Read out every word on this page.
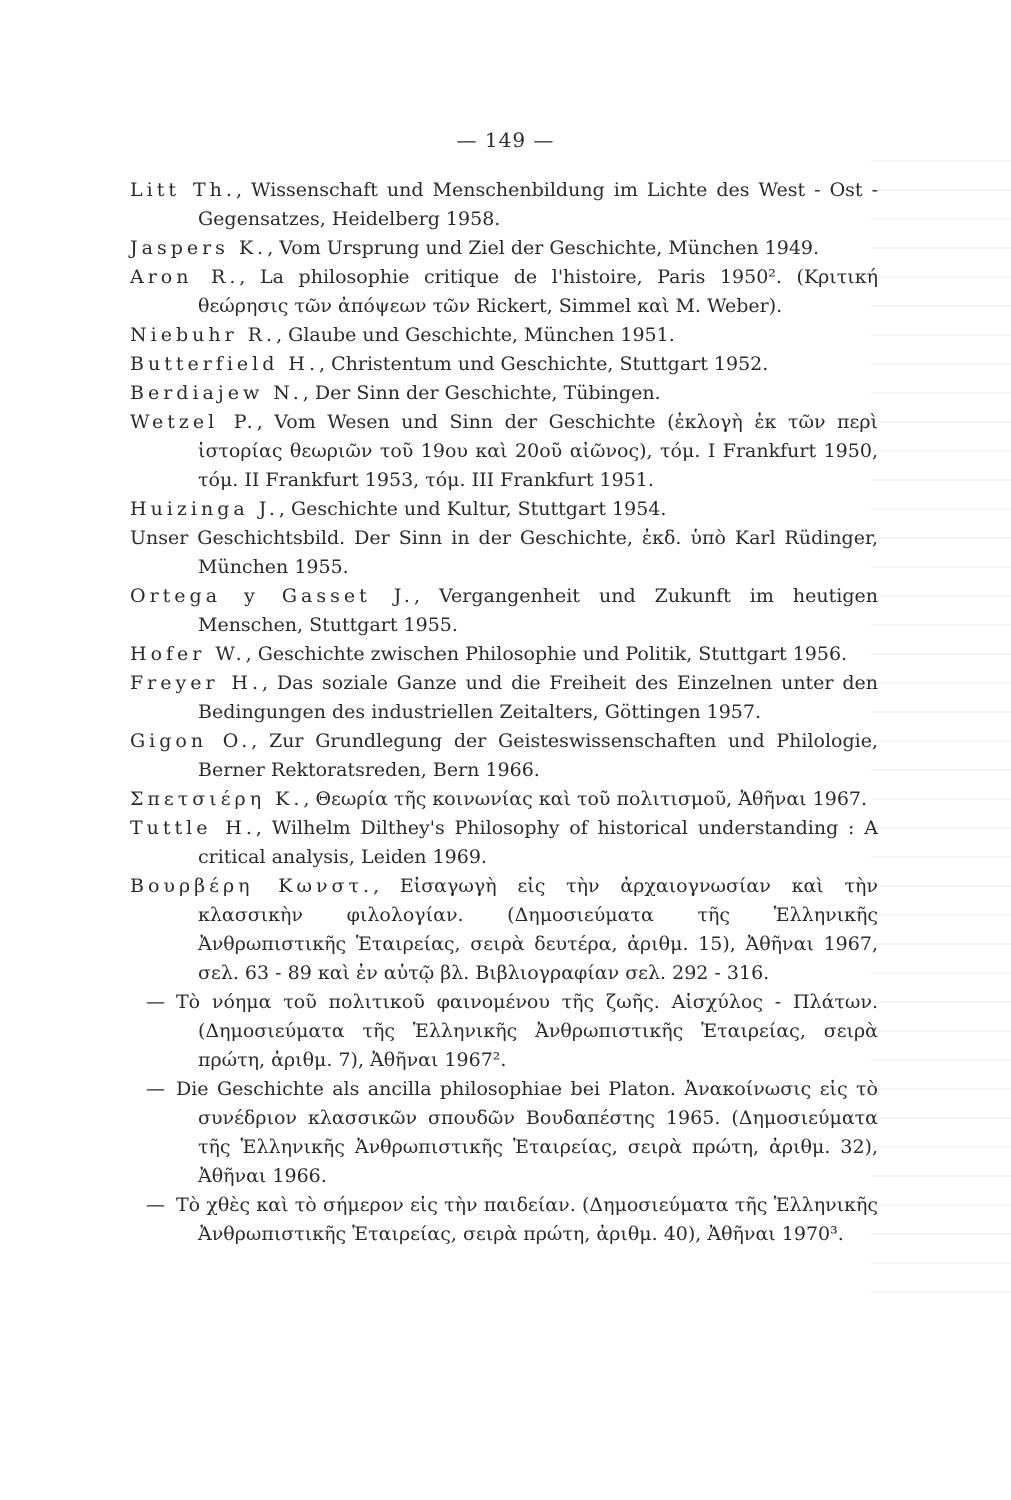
— 149 —

Litt Th., Wissenschaft und Menschenbildung im Lichte des West - Ost - Gegensatzes, Heidelberg 1958.

Jaspers K., Vom Ursprung und Ziel der Geschichte, München 1949.

Aron R., La philosophie critique de l'histoire, Paris 1950². (Κριτική θεώρησις τῶν ἀπόψεων τῶν Rickert, Simmel καὶ M. Weber).

Niebuhr R., Glaube und Geschichte, München 1951.

Butterfield H., Christentum und Geschichte, Stuttgart 1952.

Berdiajew N., Der Sinn der Geschichte, Tübingen.

Wetzel P., Vom Wesen und Sinn der Geschichte (ἐκλογὴ ἐκ τῶν περὶ ἱστορίας θεωριῶν τοῦ 19ου καὶ 20οῦ αἰῶνος), τόμ. I Frankfurt 1950, τόμ. II Frankfurt 1953, τόμ. III Frankfurt 1951.

Huizinga J., Geschichte und Kultur, Stuttgart 1954.

Unser Geschichtsbild. Der Sinn in der Geschichte, ἐκδ. ὑπὸ Karl Rüdinger, München 1955.

Ortega y Gasset J., Vergangenheit und Zukunft im heutigen Menschen, Stuttgart 1955.

Hofer W., Geschichte zwischen Philosophie und Politik, Stuttgart 1956.

Freyer H., Das soziale Ganze und die Freiheit des Einzelnen unter den Bedingungen des industriellen Zeitalters, Göttingen 1957.

Gigon O., Zur Grundlegung der Geisteswissenschaften und Philologie, Berner Rektoratsreden, Bern 1966.

Σπετσιέρη Κ., Θεωρία τῆς κοινωνίας καὶ τοῦ πολιτισμοῦ, Ἀθῆναι 1967.

Tuttle H., Wilhelm Dilthey's Philosophy of historical understanding : A critical analysis, Leiden 1969.

Βουρβέρη Κωνστ., Εἰσαγωγὴ εἰς τὴν ἀρχαιογνωσίαν καὶ τὴν κλασσικὴν φιλολογίαν. (Δημοσιεύματα τῆς Ἑλληνικῆς Ἀνθρωπιστικῆς Ἑταιρείας, σειρὰ δευτέρα, ἀριθμ. 15), Ἀθῆναι 1967, σελ. 63 - 89 καὶ ἐν αὐτῷ βλ. Βιβλιογραφίαν σελ. 292 - 316.

— Τὸ νόημα τοῦ πολιτικοῦ φαινομένου τῆς ζωῆς. Αἰσχύλος - Πλάτων. (Δημοσιεύματα τῆς Ἑλληνικῆς Ἀνθρωπιστικῆς Ἑταιρείας, σειρὰ πρώτη, ἀριθμ. 7), Ἀθῆναι 1967².

— Die Geschichte als ancilla philosophiae bei Platon. Ἀνακοίνωσις εἰς τὸ συνέδριον κλασσικῶν σπουδῶν Βουδαπέστης 1965. (Δημοσιεύματα τῆς Ἑλληνικῆς Ἀνθρωπιστικῆς Ἑταιρείας, σειρὰ πρώτη, ἀριθμ. 32), Ἀθῆναι 1966.

— Τὸ χθὲς καὶ τὸ σήμερον εἰς τὴν παιδείαν. (Δημοσιεύματα τῆς Ἑλληνικῆς Ἀνθρωπιστικῆς Ἑταιρείας, σειρὰ πρώτη, ἀριθμ. 40), Ἀθῆναι 1970³.
